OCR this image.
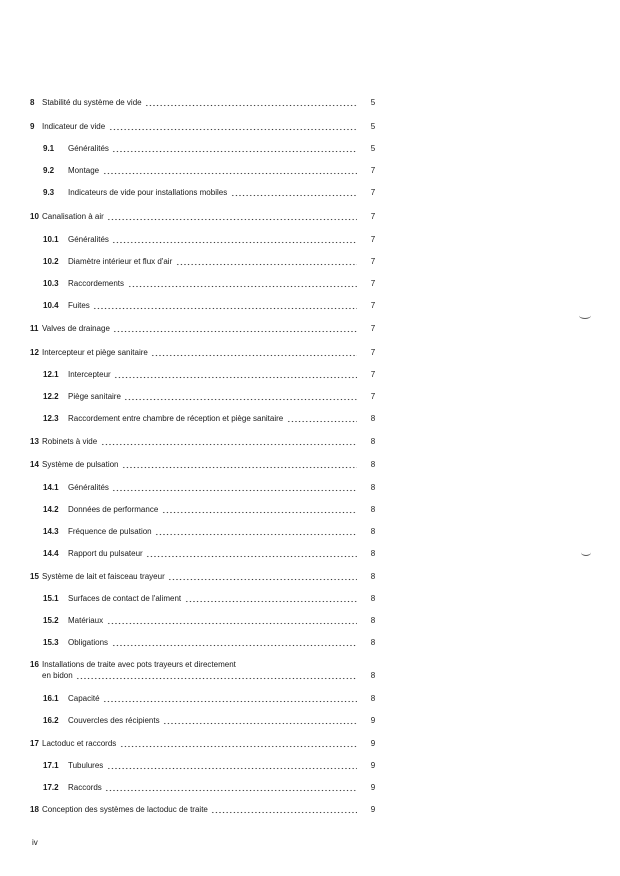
8 Stabilité du système de vide	5
9 Indicateur de vide	5
9.1 Généralités	5
9.2 Montage	7
9.3 Indicateurs de vide pour installations mobiles	7
10 Canalisation à air	7
10.1 Généralités	7
10.2 Diamètre intérieur et flux d'air	7
10.3 Raccordements	7
10.4 Fuites	7
11 Valves de drainage	7
12 Intercepteur et piège sanitaire	7
12.1 Intercepteur	7
12.2 Piège sanitaire	7
12.3 Raccordement entre chambre de réception et piège sanitaire	8
13 Robinets à vide	8
14 Système de pulsation	8
14.1 Généralités	8
14.2 Données de performance	8
14.3 Fréquence de pulsation	8
14.4 Rapport du pulsateur	8
15 Système de lait et faisceau trayeur	8
15.1 Surfaces de contact de l'aliment	8
15.2 Matériaux	8
15.3 Obligations	8
16 Installations de traite avec pots trayeurs et directement
en bidon	8
16.1 Capacité	8
16.2 Couvercles des récipients	9
17 Lactoduc et raccords	9
17.1 Tubulures	9
17.2 Raccords	9
18 Conception des systèmes de lactoduc de traite	9
iv
